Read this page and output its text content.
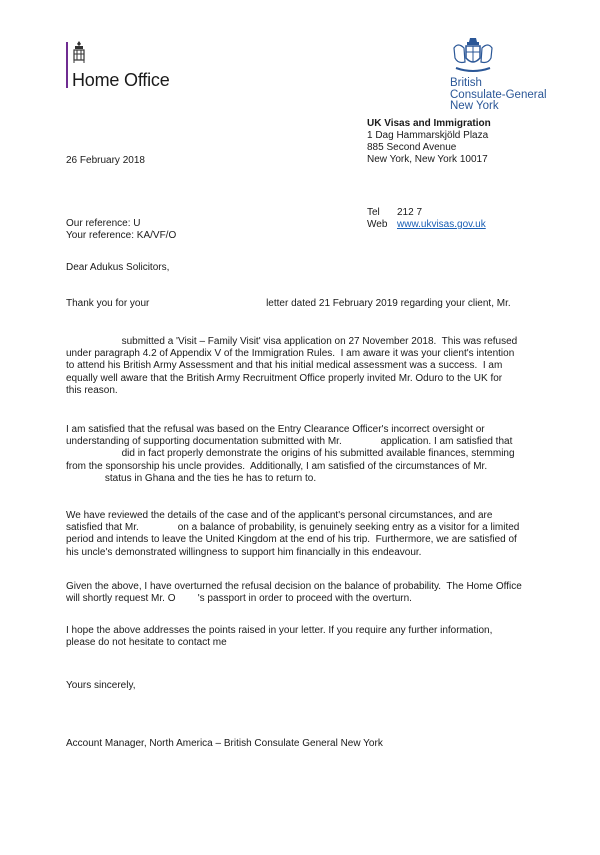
Home Office	British
Consulate-General
New York
UK Visas and Immigration
1 Dag Hammarskjöld Plaza
885 Second Avenue
New York, New York 10017
26 February 2018
Our reference: U
Your reference: KA/VF/O
Tel 212 7
Web www.ukvisas.gov.uk
Dear Adukus Solicitors,

Thank you for your                                          letter dated 21 February 2019 regarding your client, Mr.

submitted a 'Visit – Family Visit' visa application on 27 November 2018.  This was refused
under paragraph 4.2 of Appendix V of the Immigration Rules.  I am aware it was your client's intention
to attend his British Army Assessment and that his initial medical assessment was a success.  I am
equally well aware that the British Army Recruitment Office properly invited Mr. Oduro to the UK for
this reason.

I am satisfied that the refusal was based on the Entry Clearance Officer's incorrect oversight or
understanding of supporting documentation submitted with Mr.              application. I am satisfied that
did in fact properly demonstrate the origins of his submitted available finances, stemming
from the sponsorship his uncle provides.  Additionally, I am satisfied of the circumstances of Mr.
status in Ghana and the ties he has to return to.

We have reviewed the details of the case and of the applicant's personal circumstances, and are
satisfied that Mr.              on a balance of probability, is genuinely seeking entry as a visitor for a limited
period and intends to leave the United Kingdom at the end of his trip.  Furthermore, we are satisfied of
his uncle's demonstrated willingness to support him financially in this endeavour.

Given the above, I have overturned the refusal decision on the balance of probability.  The Home Office
will shortly request Mr. O        's passport in order to proceed with the overturn.

I hope the above addresses the points raised in your letter. If you require any further information,
please do not hesitate to contact me

Yours sincerely,
Account Manager, North America – British Consulate General New York
